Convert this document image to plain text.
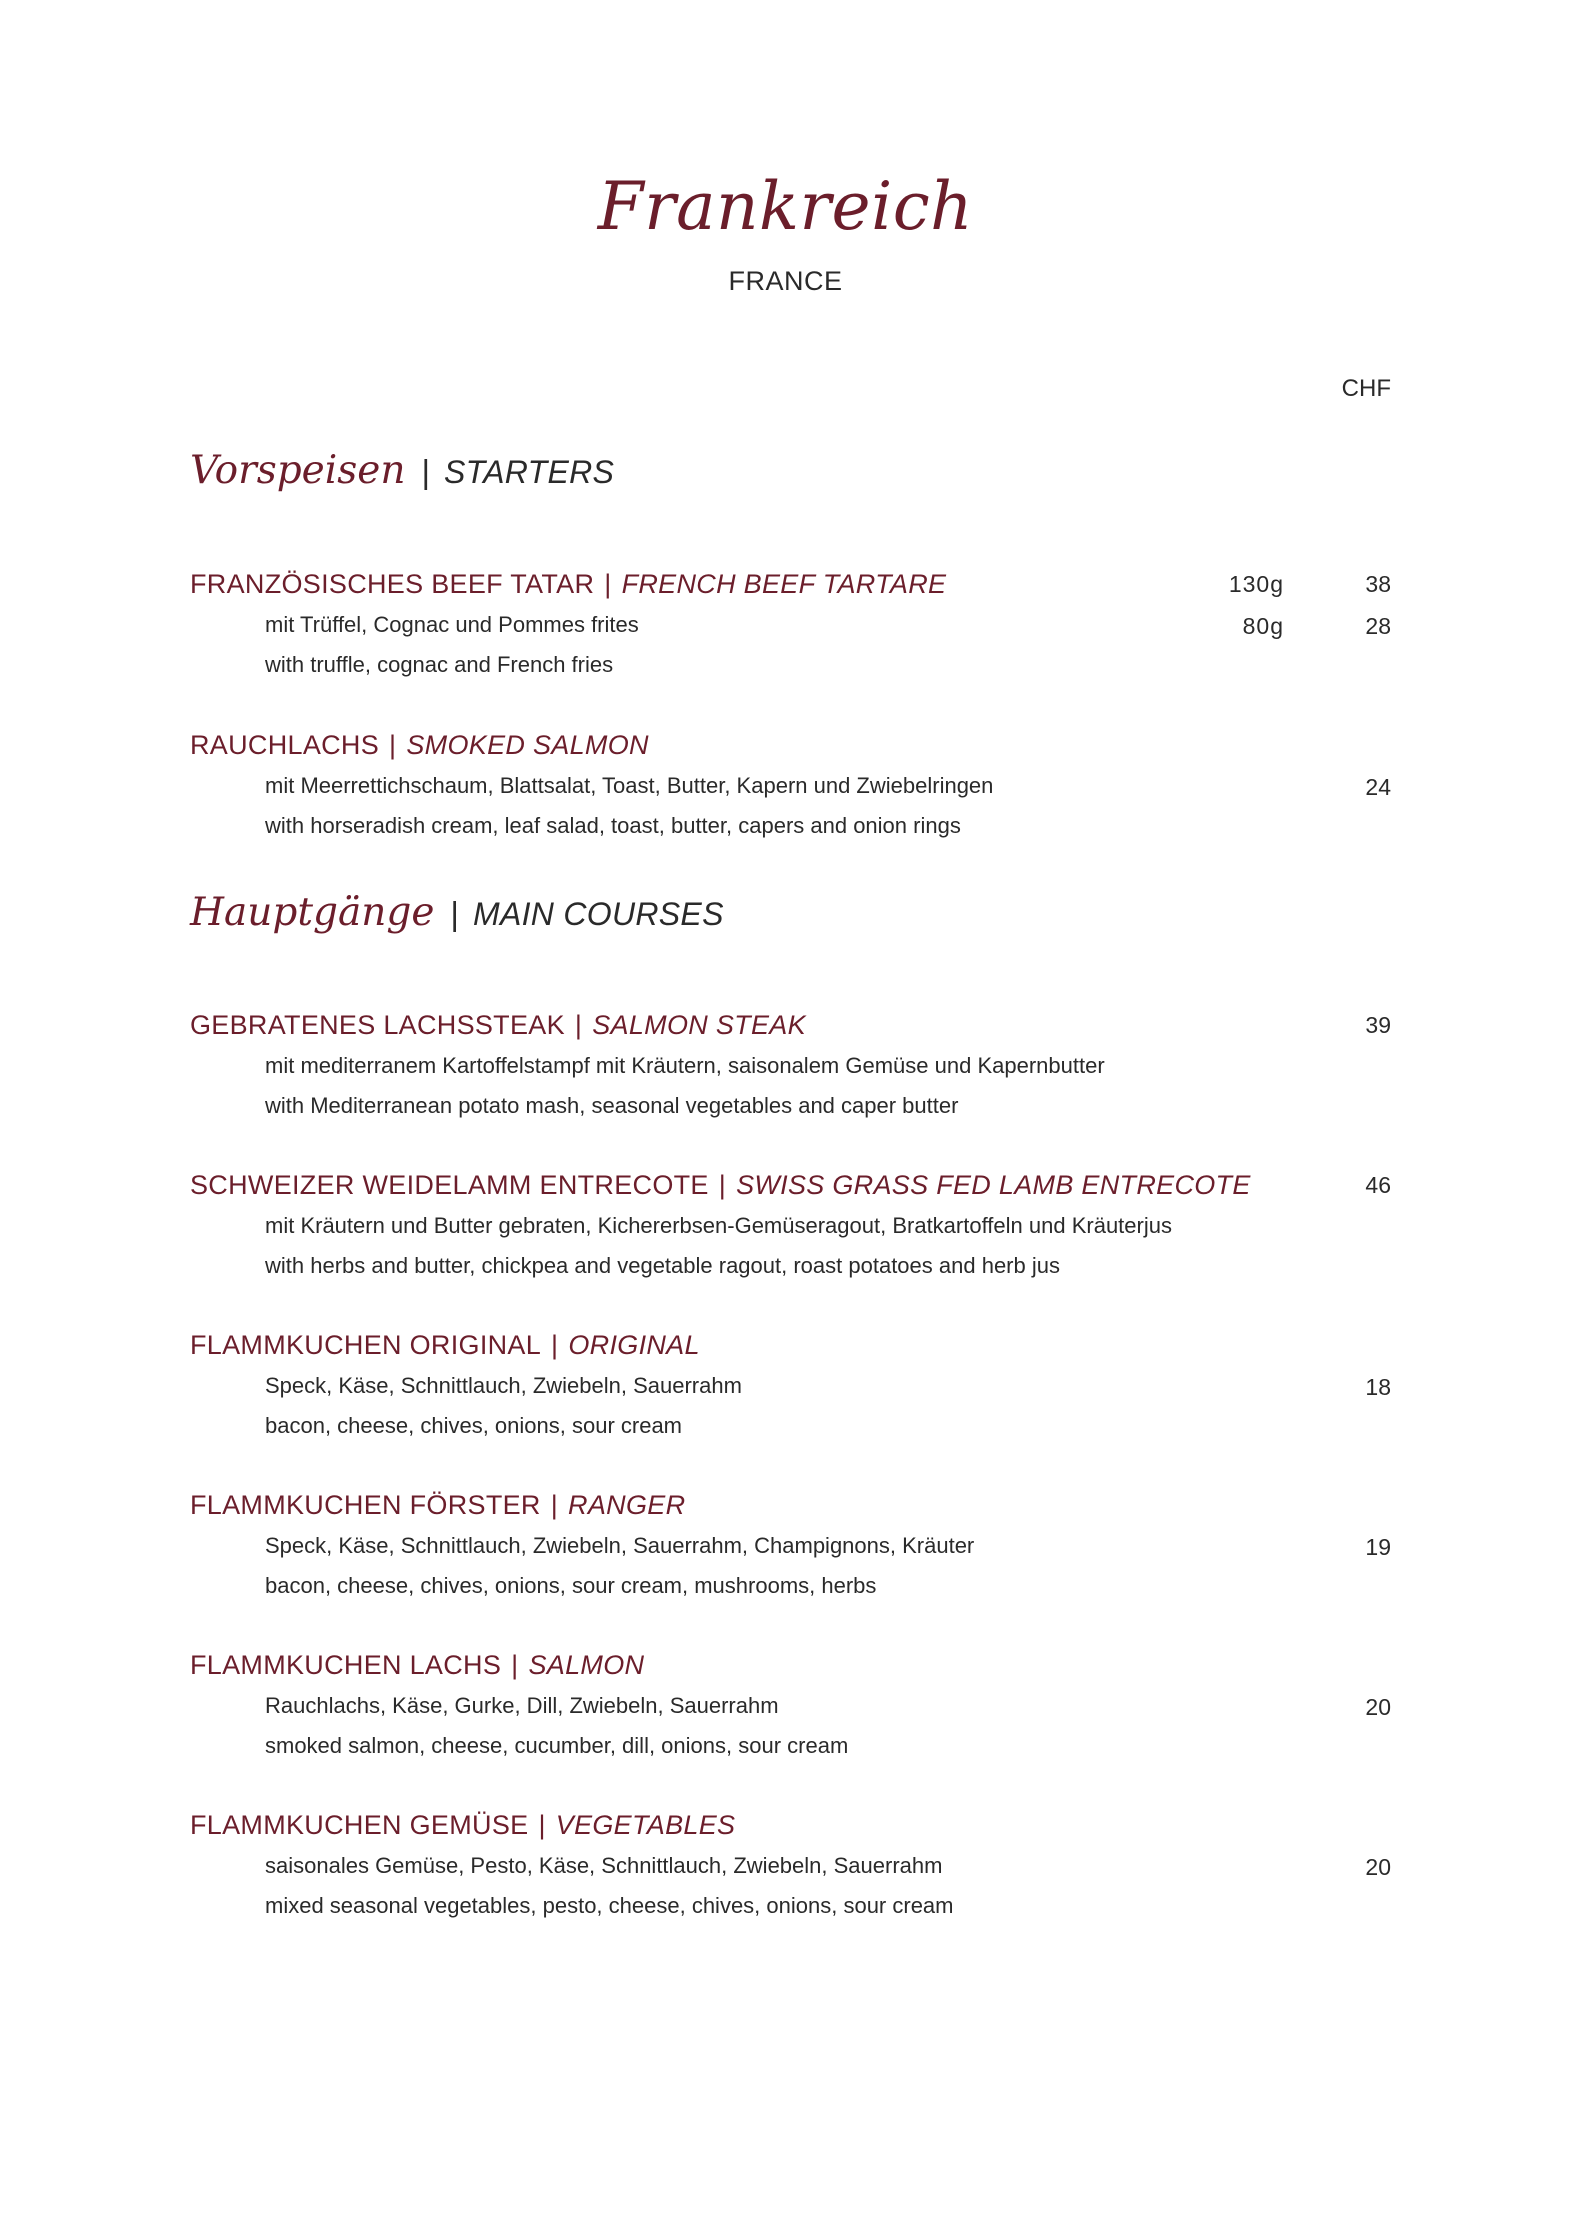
Frankreich
FRANCE
CHF
Vorspeisen | STARTERS
FRANZÖSISCHES BEEF TATAR | FRENCH BEEF TARTARE	130g	38
mit Trüffel, Cognac und Pommes frites	80g	28
with truffle, cognac and French fries
RAUCHLACHS | SMOKED SALMON
mit Meerrettichschaum, Blattsalat, Toast, Butter, Kapern und Zwiebelringen	24
with horseradish cream, leaf salad, toast, butter, capers and onion rings
Hauptgänge | MAIN COURSES
GEBRATENES LACHSSTEAK | SALMON STEAK	39
mit mediterranem Kartoffelstampf mit Kräutern, saisonalem Gemüse und Kapernbutter
with Mediterranean potato mash, seasonal vegetables and caper butter
SCHWEIZER WEIDELAMM ENTRECOTE | SWISS GRASS FED LAMB ENTRECOTE	46
mit Kräutern und Butter gebraten, Kichererbsen-Gemüseragout, Bratkartoffeln und Kräuterjus
with herbs and butter, chickpea and vegetable ragout, roast potatoes and herb jus
FLAMMKUCHEN ORIGINAL | ORIGINAL
Speck, Käse, Schnittlauch, Zwiebeln, Sauerrahm	18
bacon, cheese, chives, onions, sour cream
FLAMMKUCHEN FÖRSTER | RANGER
Speck, Käse, Schnittlauch, Zwiebeln, Sauerrahm, Champignons, Kräuter	19
bacon, cheese, chives, onions, sour cream, mushrooms, herbs
FLAMMKUCHEN LACHS | SALMON
Rauchlachs, Käse, Gurke, Dill, Zwiebeln, Sauerrahm	20
smoked salmon, cheese, cucumber, dill, onions, sour cream
FLAMMKUCHEN GEMÜSE | VEGETABLES
saisonales Gemüse, Pesto, Käse, Schnittlauch, Zwiebeln, Sauerrahm	20
mixed seasonal vegetables, pesto, cheese, chives, onions, sour cream
